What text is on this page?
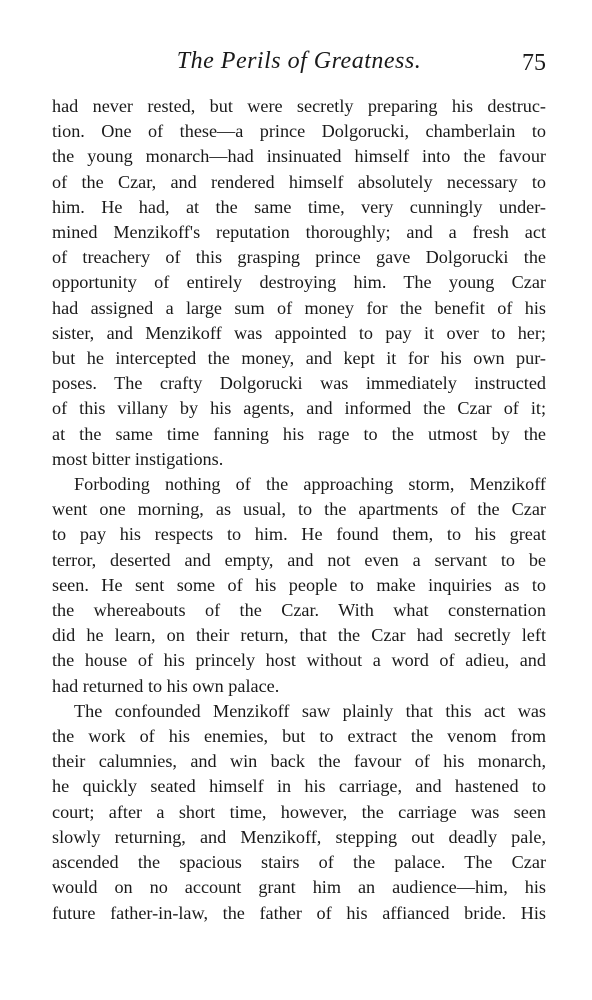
The Perils of Greatness.	75

had never rested, but were secretly preparing his destruc-
tion. One of these—a prince Dolgorucki, chamberlain to
the young monarch—had insinuated himself into the favour
of the Czar, and rendered himself absolutely necessary to
him. He had, at the same time, very cunningly under-
mined Menzikoff's reputation thoroughly; and a fresh act
of treachery of this grasping prince gave Dolgorucki the
opportunity of entirely destroying him. The young Czar
had assigned a large sum of money for the benefit of his
sister, and Menzikoff was appointed to pay it over to her;
but he intercepted the money, and kept it for his own pur-
poses. The crafty Dolgorucki was immediately instructed
of this villany by his agents, and informed the Czar of it;
at the same time fanning his rage to the utmost by the
most bitter instigations.

Forboding nothing of the approaching storm, Menzikoff
went one morning, as usual, to the apartments of the Czar
to pay his respects to him. He found them, to his great
terror, deserted and empty, and not even a servant to be
seen. He sent some of his people to make inquiries as to
the whereabouts of the Czar. With what consternation
did he learn, on their return, that the Czar had secretly left
the house of his princely host without a word of adieu, and
had returned to his own palace.

The confounded Menzikoff saw plainly that this act was
the work of his enemies, but to extract the venom from
their calumnies, and win back the favour of his monarch,
he quickly seated himself in his carriage, and hastened to
court; after a short time, however, the carriage was seen
slowly returning, and Menzikoff, stepping out deadly pale,
ascended the spacious stairs of the palace. The Czar
would on no account grant him an audience—him, his
future father-in-law, the father of his affianced bride. His
